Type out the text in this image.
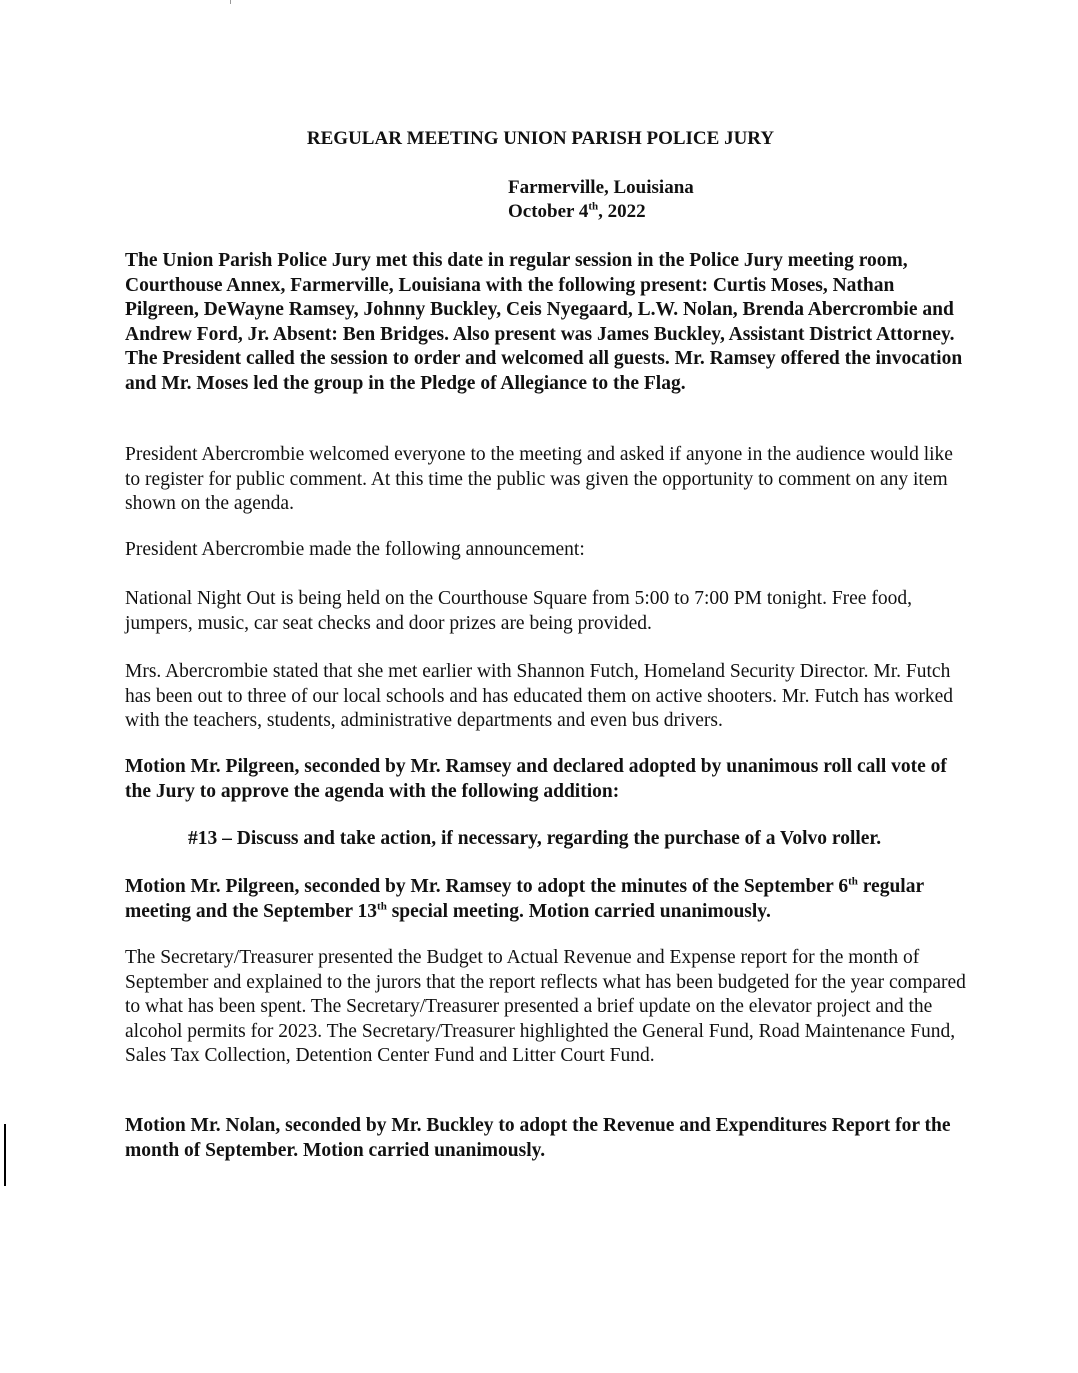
REGULAR MEETING UNION PARISH POLICE JURY
Farmerville, Louisiana
October 4th, 2022

The Union Parish Police Jury met this date in regular session in the Police Jury meeting room, Courthouse Annex, Farmerville, Louisiana with the following present: Curtis Moses, Nathan Pilgreen, DeWayne Ramsey, Johnny Buckley, Ceis Nyegaard, L.W. Nolan, Brenda Abercrombie and Andrew Ford, Jr. Absent: Ben Bridges. Also present was James Buckley, Assistant District Attorney. The President called the session to order and welcomed all guests. Mr. Ramsey offered the invocation and Mr. Moses led the group in the Pledge of Allegiance to the Flag.

President Abercrombie welcomed everyone to the meeting and asked if anyone in the audience would like to register for public comment. At this time the public was given the opportunity to comment on any item shown on the agenda.

President Abercrombie made the following announcement:

National Night Out is being held on the Courthouse Square from 5:00 to 7:00 PM tonight. Free food, jumpers, music, car seat checks and door prizes are being provided.

Mrs. Abercrombie stated that she met earlier with Shannon Futch, Homeland Security Director. Mr. Futch has been out to three of our local schools and has educated them on active shooters. Mr. Futch has worked with the teachers, students, administrative departments and even bus drivers.

Motion Mr. Pilgreen, seconded by Mr. Ramsey and declared adopted by unanimous roll call vote of the Jury to approve the agenda with the following addition:

#13 – Discuss and take action, if necessary, regarding the purchase of a Volvo roller.

Motion Mr. Pilgreen, seconded by Mr. Ramsey to adopt the minutes of the September 6th regular meeting and the September 13th special meeting. Motion carried unanimously.

The Secretary/Treasurer presented the Budget to Actual Revenue and Expense report for the month of September and explained to the jurors that the report reflects what has been budgeted for the year compared to what has been spent. The Secretary/Treasurer presented a brief update on the elevator project and the alcohol permits for 2023. The Secretary/Treasurer highlighted the General Fund, Road Maintenance Fund, Sales Tax Collection, Detention Center Fund and Litter Court Fund.

Motion Mr. Nolan, seconded by Mr. Buckley to adopt the Revenue and Expenditures Report for the month of September. Motion carried unanimously.
